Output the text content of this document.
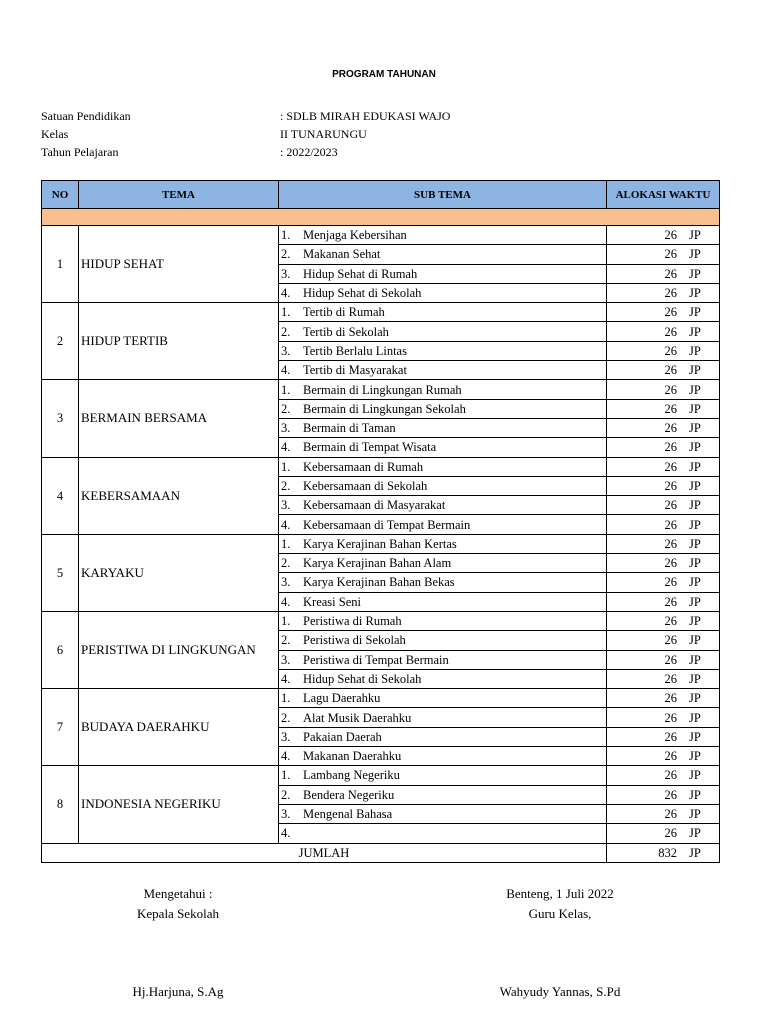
PROGRAM TAHUNAN
Satuan Pendidikan	: SDLB MIRAH EDUKASI WAJO
Kelas	II TUNARUNGU
Tahun Pelajaran	: 2022/2023
NO	TEMA	SUB TEMA	ALOKASI WAKTU

1	HIDUP SEHAT	1. Menjaga Kebersihan	26 JP

		2. Makanan Sehat	26 JP

		3. Hidup Sehat di Rumah	26 JP

		4. Hidup Sehat di Sekolah	26 JP

2	HIDUP TERTIB	1. Tertib di Rumah	26 JP

		2. Tertib di Sekolah	26 JP

		3. Tertib Berlalu Lintas	26 JP

		4. Tertib di Masyarakat	26 JP

3	BERMAIN BERSAMA	1. Bermain di Lingkungan Rumah	26 JP

		2. Bermain di Lingkungan Sekolah	26 JP

		3. Bermain di Taman	26 JP

		4. Bermain di Tempat Wisata	26 JP

4	KEBERSAMAAN	1. Kebersamaan di Rumah	26 JP

		2. Kebersamaan di Sekolah	26 JP

		3. Kebersamaan di Masyarakat	26 JP

		4. Kebersamaan di Tempat Bermain	26 JP

5	KARYAKU	1. Karya Kerajinan Bahan Kertas	26 JP

		2. Karya Kerajinan Bahan Alam	26 JP

		3. Karya Kerajinan Bahan Bekas	26 JP

		4. Kreasi Seni	26 JP

6	PERISTIWA DI LINGKUNGAN	1. Peristiwa di Rumah	26 JP

		2. Peristiwa di Sekolah	26 JP

		3. Peristiwa di Tempat Bermain	26 JP

		4. Hidup Sehat di Sekolah	26 JP

7	BUDAYA DAERAHKU	1. Lagu Daerahku	26 JP

		2. Alat Musik Daerahku	26 JP

		3. Pakaian Daerah	26 JP

		4. Makanan Daerahku	26 JP

8	INDONESIA NEGERIKU	1. Lambang Negeriku	26 JP

		2. Bendera Negeriku	26 JP

		3. Mengenal Bahasa	26 JP

		4.	26 JP

JUMLAH			832 JP
Mengetahui :
Kepala Sekolah
Hj.Harjuna, S.Ag
Benteng, 1 Juli 2022
Guru Kelas,
Wahyudy Yannas, S.Pd
